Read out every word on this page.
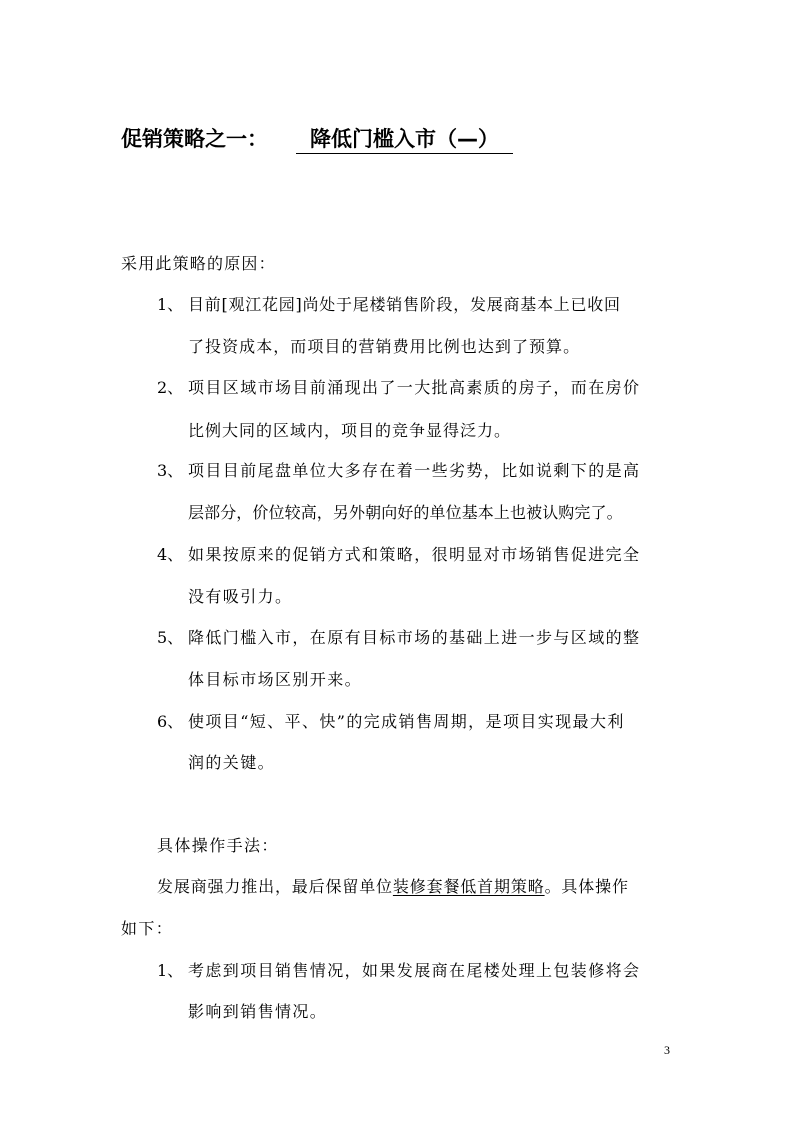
促销策略之一： 降低门槛入市（—）
采用此策略的原因：
1、 目前[观江花园]尚处于尾楼销售阶段，发展商基本上已收回
了投资成本，而项目的营销费用比例也达到了预算。
2、 项目区域市场目前涌现出了一大批高素质的房子，而在房价
比例大同的区域内，项目的竞争显得泛力。
3、 项目目前尾盘单位大多存在着一些劣势，比如说剩下的是高
层部分，价位较高，另外朝向好的单位基本上也被认购完了。
4、 如果按原来的促销方式和策略，很明显对市场销售促进完全
没有吸引力。
5、 降低门槛入市，在原有目标市场的基础上进一步与区域的整
体目标市场区别开来。
6、 使项目“短、平、快”的完成销售周期，是项目实现最大利
润的关键。
具体操作手法：
发展商强力推出，最后保留单位装修套餐低首期策略。具体操作
如下：
1、 考虑到项目销售情况，如果发展商在尾楼处理上包装修将会
影响到销售情况。
3
